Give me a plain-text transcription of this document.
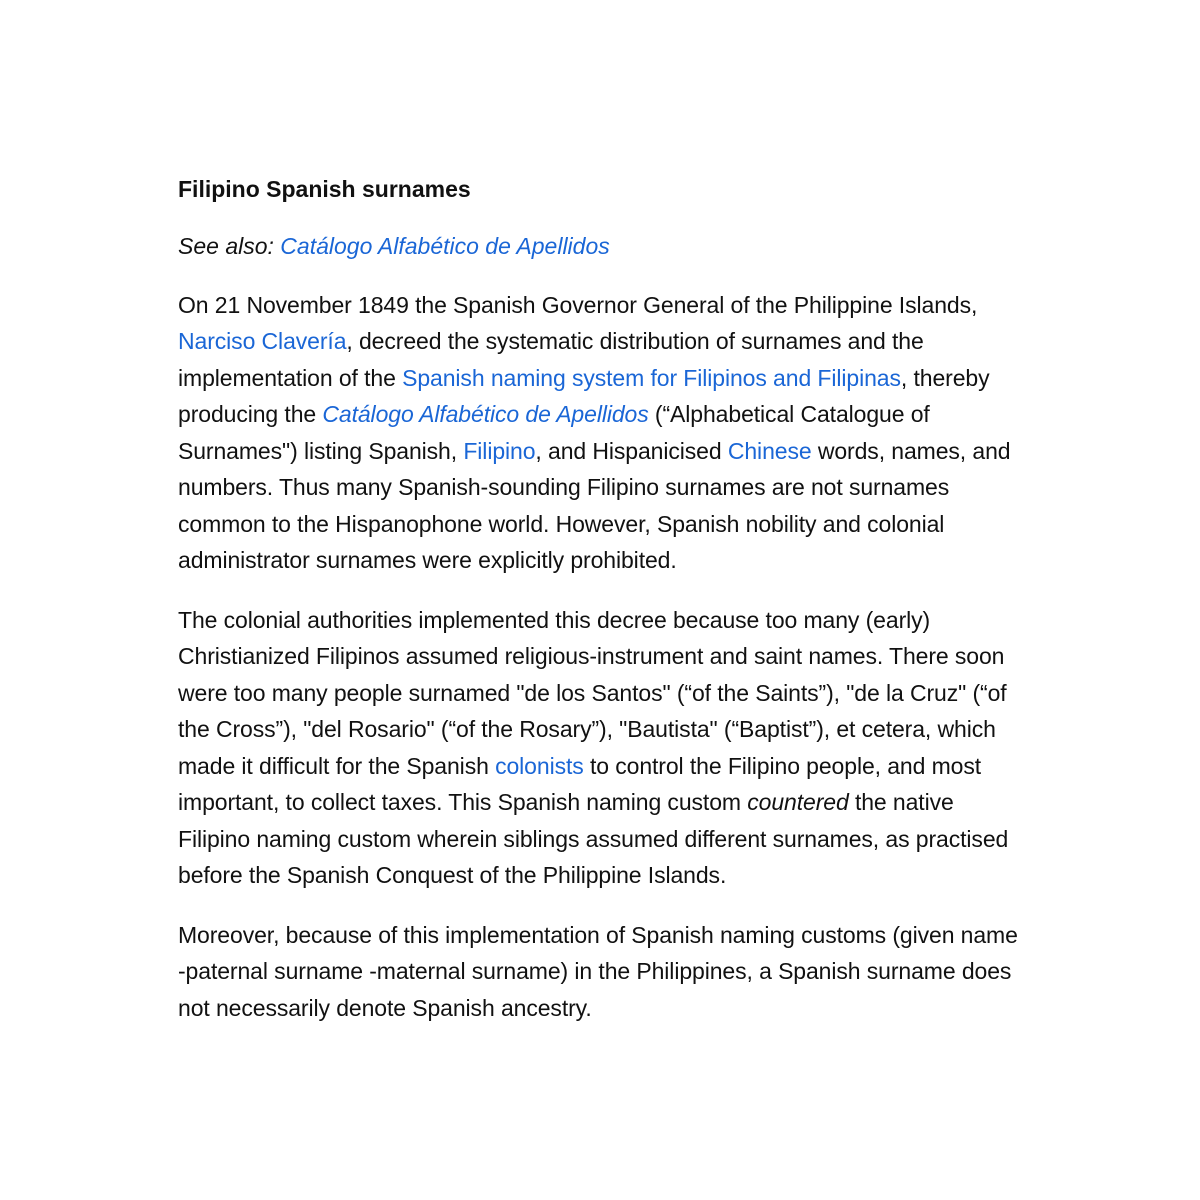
Filipino Spanish surnames
See also: Catálogo Alfabético de Apellidos

On 21 November 1849 the Spanish Governor General of the Philippine Islands, Narciso Clavería, decreed the systematic distribution of surnames and the implementation of the Spanish naming system for Filipinos and Filipinas, thereby producing the Catálogo Alfabético de Apellidos (“Alphabetical Catalogue of Surnames") listing Spanish, Filipino, and Hispanicised Chinese words, names, and numbers. Thus many Spanish-sounding Filipino surnames are not surnames common to the Hispanophone world. However, Spanish nobility and colonial administrator surnames were explicitly prohibited.

The colonial authorities implemented this decree because too many (early) Christianized Filipinos assumed religious-instrument and saint names. There soon were too many people surnamed "de los Santos" (“of the Saints”), "de la Cruz" (“of the Cross”), "del Rosario" (“of the Rosary”), "Bautista" (“Baptist”), et cetera, which made it difficult for the Spanish colonists to control the Filipino people, and most important, to collect taxes. This Spanish naming custom countered the native Filipino naming custom wherein siblings assumed different surnames, as practised before the Spanish Conquest of the Philippine Islands.

Moreover, because of this implementation of Spanish naming customs (given name -paternal surname -maternal surname) in the Philippines, a Spanish surname does not necessarily denote Spanish ancestry.
